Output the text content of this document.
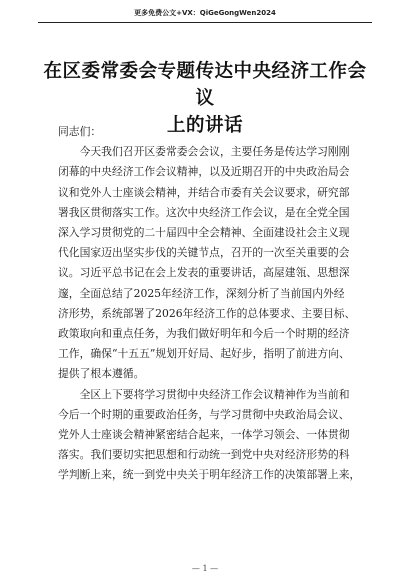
更多免费公文+VX：QiGeGongWen2024
在区委常委会专题传达中央经济工作会议
上的讲话

同志们：

今天我们召开区委常委会会议，主要任务是传达学习刚刚
闭幕的中央经济工作会议精神，以及近期召开的中央政治局会
议和党外人士座谈会精神，并结合市委有关会议要求，研究部
署我区贯彻落实工作。这次中央经济工作会议，是在全党全国
深入学习贯彻党的二十届四中全会精神、全面建设社会主义现
代化国家迈出坚实步伐的关键节点，召开的一次至关重要的会
议。习近平总书记在会上发表的重要讲话，高屋建瓴、思想深
邃，全面总结了2025年经济工作，深刻分析了当前国内外经
济形势，系统部署了2026年经济工作的总体要求、主要目标、
政策取向和重点任务，为我们做好明年和今后一个时期的经济
工作，确保“十五五”规划开好局、起好步，指明了前进方向、
提供了根本遵循。
全区上下要将学习贯彻中央经济工作会议精神作为当前和
今后一个时期的重要政治任务，与学习贯彻中央政治局会议、
党外人士座谈会精神紧密结合起来，一体学习领会、一体贯彻
落实。我们要切实把思想和行动统一到党中央对经济形势的科
学判断上来，统一到党中央关于明年经济工作的决策部署上来，
— 1 —
